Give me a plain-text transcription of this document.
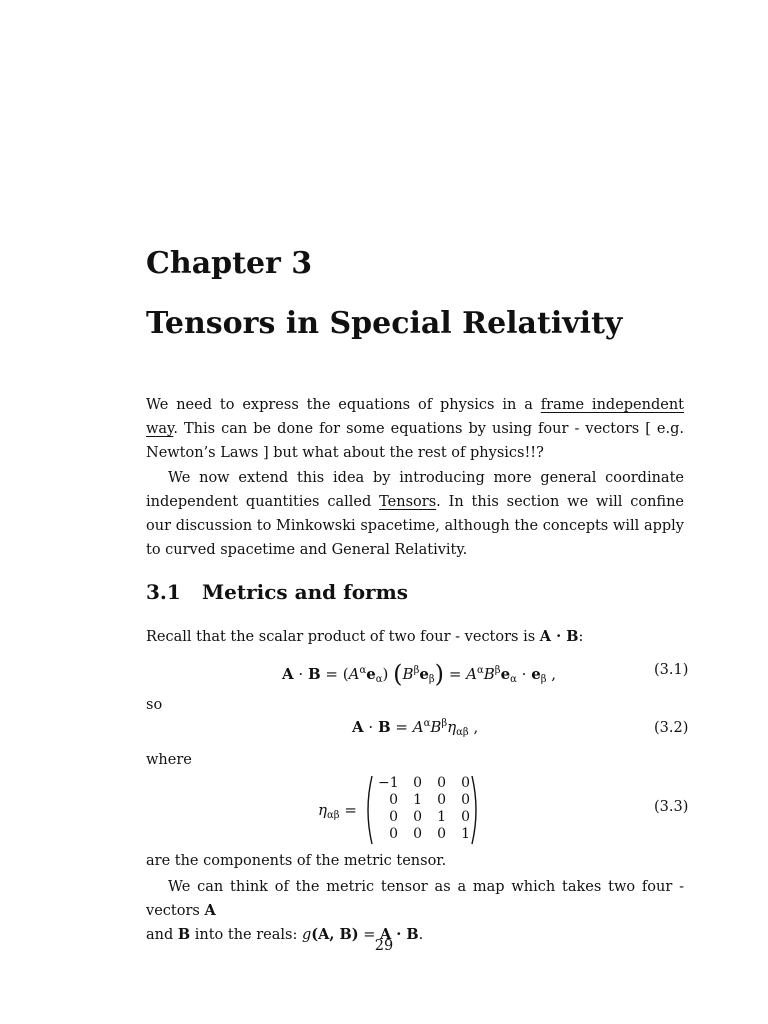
Chapter 3
Tensors in Special Relativity
We need to express the equations of physics in a frame independent way. This can be done for some equations by using four - vectors [ e.g. Newton’s Laws ] but what about the rest of physics!!?
We now extend this idea by introducing more general coordinate independent quantities called Tensors. In this section we will confine our discussion to Minkowski spacetime, although the concepts will apply to curved spacetime and General Relativity.
3.1 Metrics and forms
Recall that the scalar product of two four - vectors is A · B:
$A \cdot B = (A^\alpha e_\alpha) (B^\beta e_\beta) = A^\alpha B^\beta e_\alpha \cdot e_\beta$ ,	(3.1)
so
$A \cdot B = A^\alpha B^\beta\eta_{\alpha\beta}$ ,	(3.2)
where
$\eta_{\alpha\beta}$ =
−1	0	0	0
0	1	0	0
0	0	1	0
0	0	0	1
(3.3)
are the components of the metric tensor.
We can think of the metric tensor as a map which takes two four - vectors A
and B into the reals: g(A, B) = A · B.
29
